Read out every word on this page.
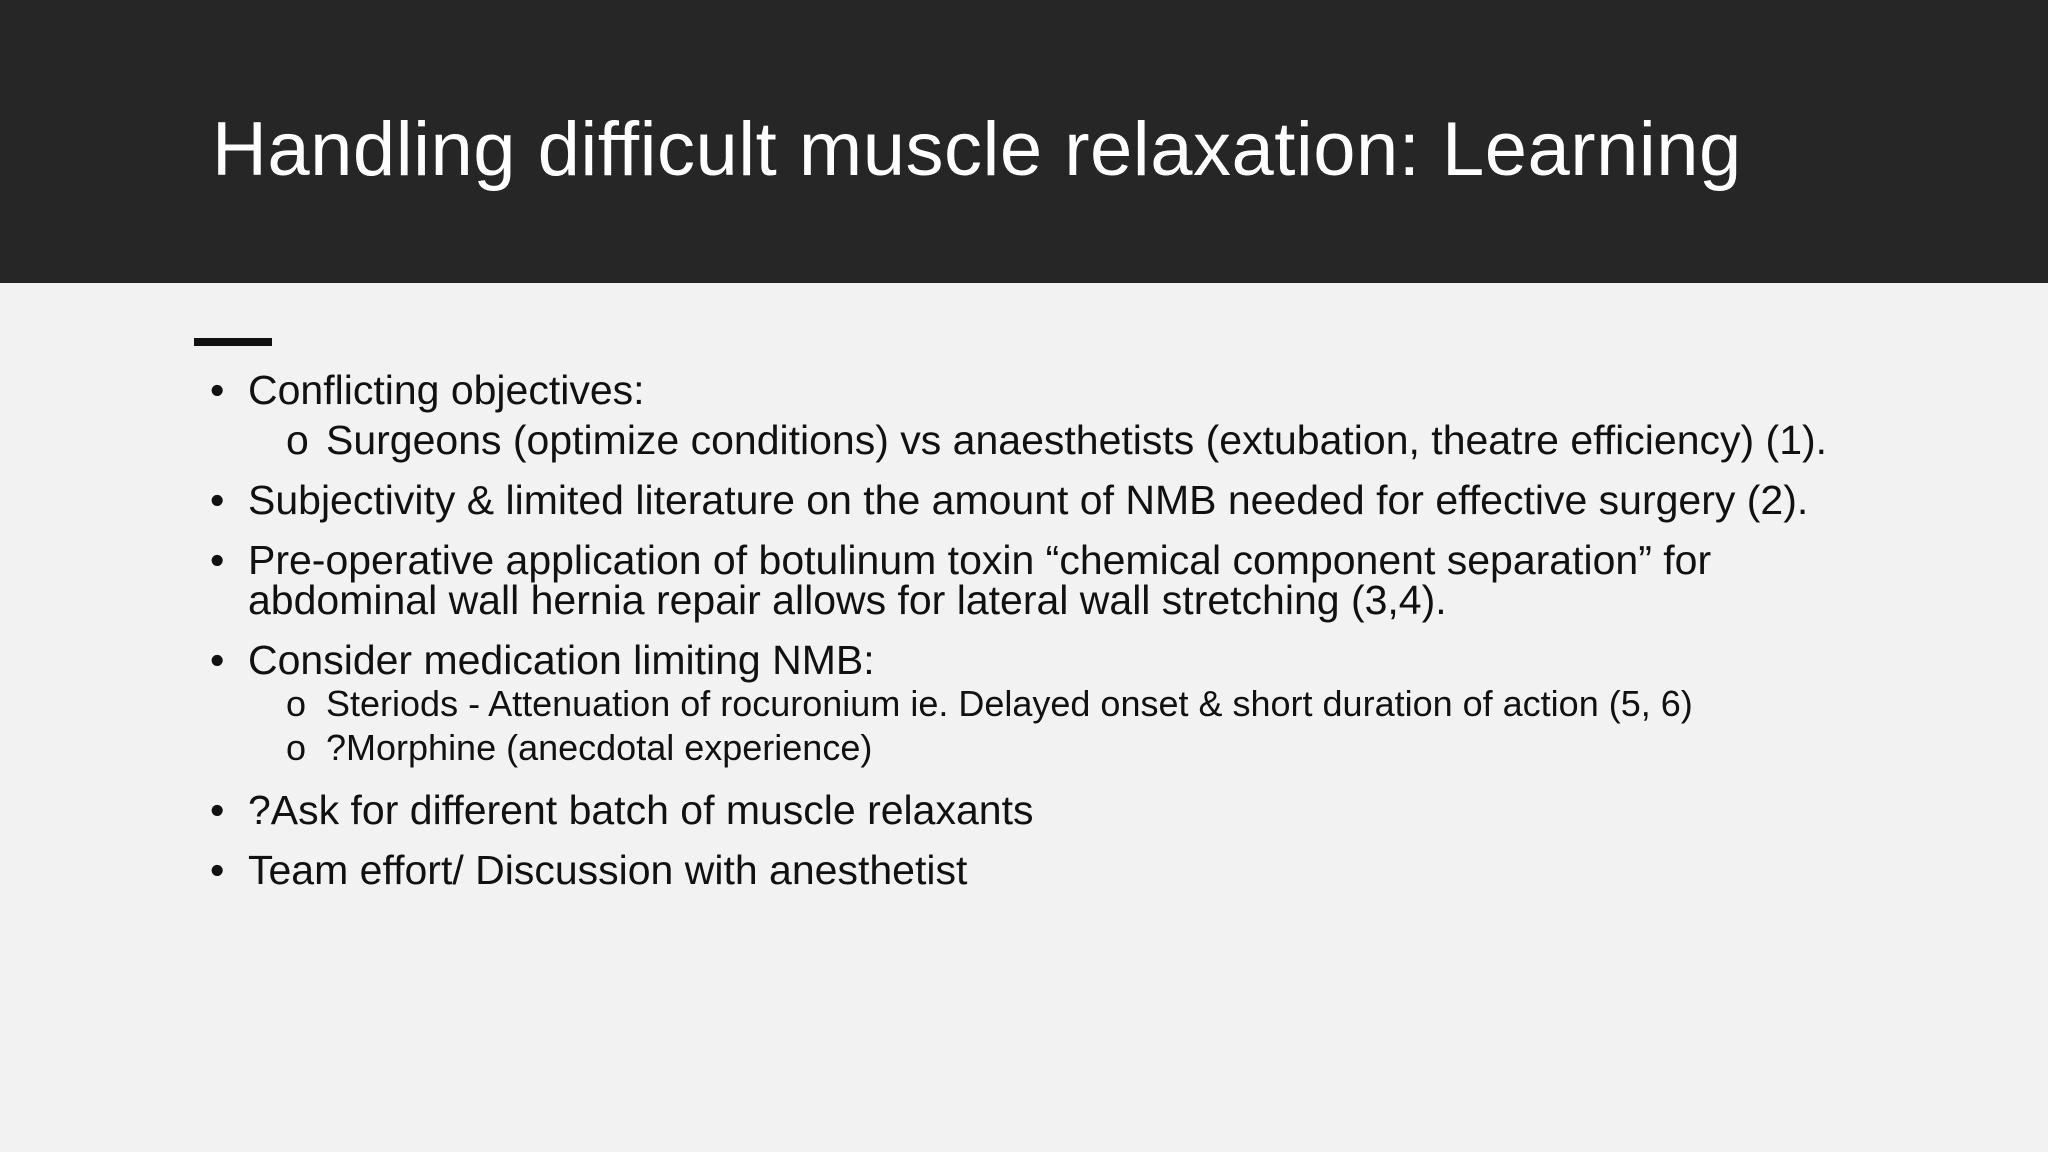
Handling difficult muscle relaxation: Learning
• Conflicting objectives:
o Surgeons (optimize conditions) vs anaesthetists (extubation, theatre efficiency) (1).
• Subjectivity & limited literature on the amount of NMB needed for effective surgery (2).
• Pre-operative application of botulinum toxin “chemical component separation” for abdominal wall hernia repair allows for lateral wall stretching (3,4).
• Consider medication limiting NMB:
o Steriods - Attenuation of rocuronium ie. Delayed onset & short duration of action (5, 6)
o ?Morphine (anecdotal experience)
• ?Ask for different batch of muscle relaxants
• Team effort/ Discussion with anesthetist
